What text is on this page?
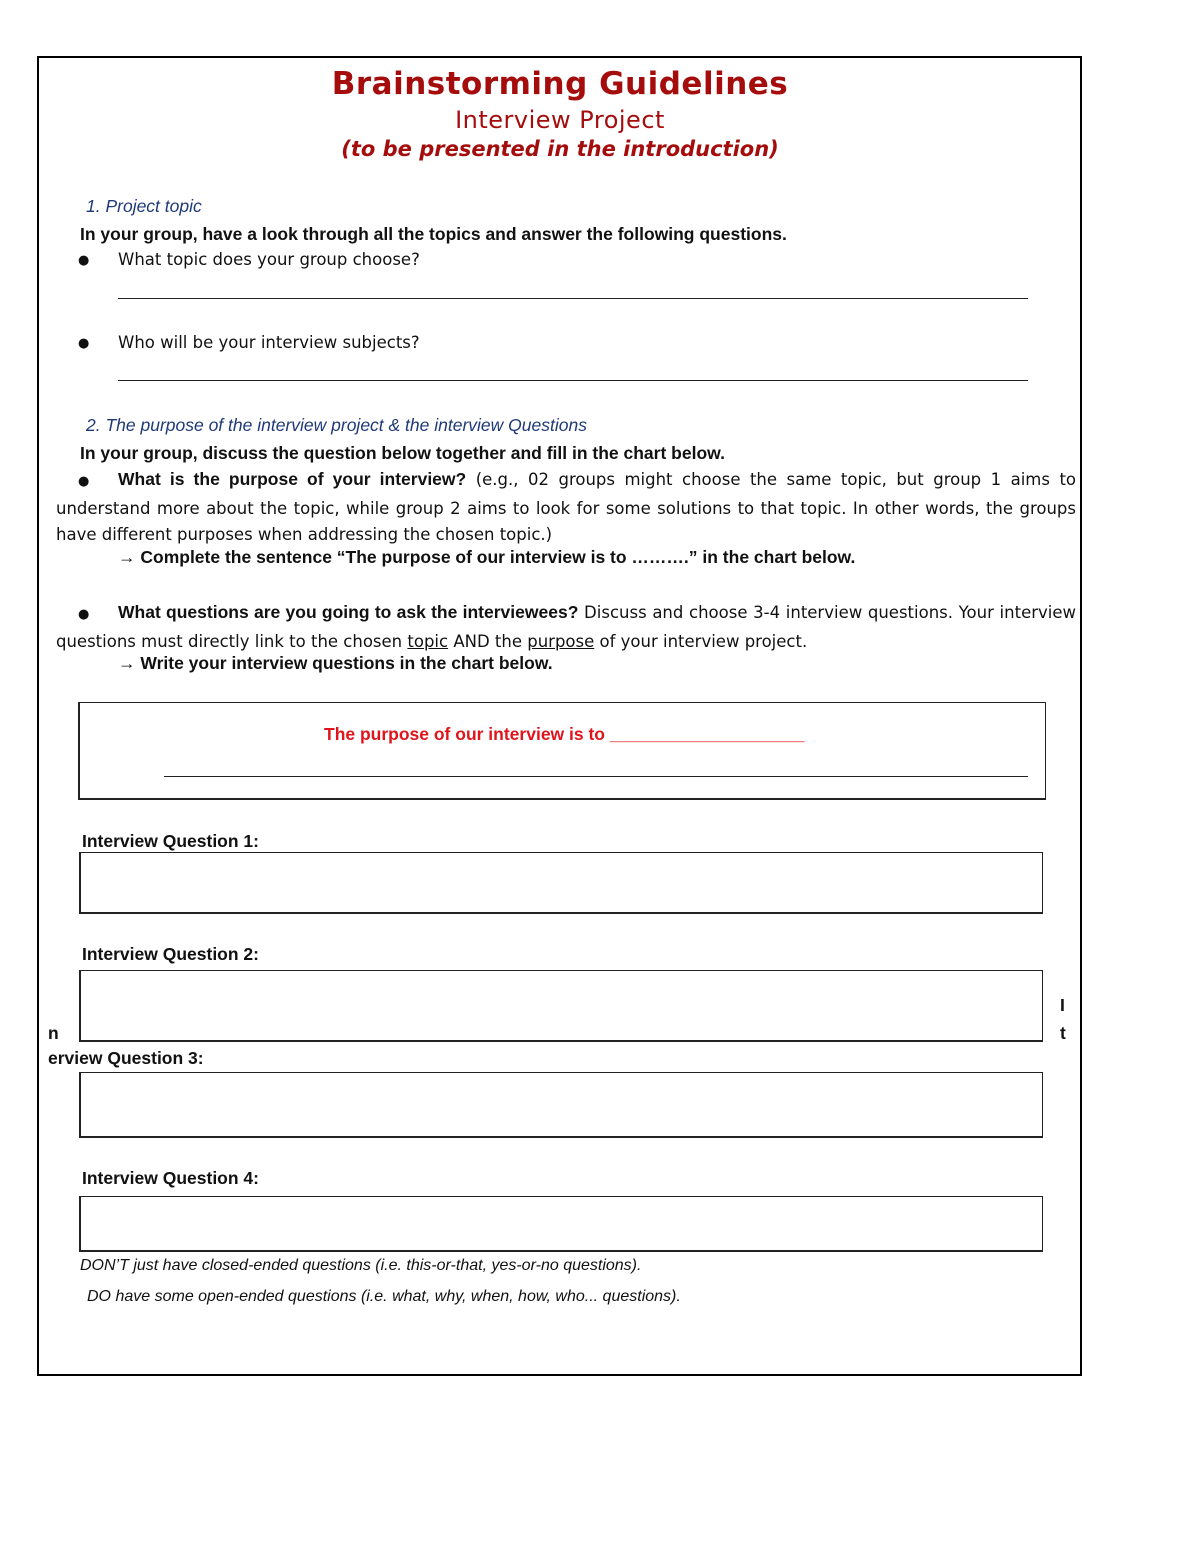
Brainstorming Guidelines
Interview Project
(to be presented in the introduction)
1. Project topic
In your group, have a look through all the topics and answer the following questions.
● What topic does your group choose?
● Who will be your interview subjects?
2. The purpose of the interview project & the interview Questions
In your group, discuss the question below together and fill in the chart below.
● What is the purpose of your interview? (e.g., 02 groups might choose the same topic, but group 1 aims to understand more about the topic, while group 2 aims to look for some solutions to that topic. In other words, the groups have different purposes when addressing the chosen topic.)
→ Complete the sentence “The purpose of our interview is to ……….” in the chart below.
● What questions are you going to ask the interviewees? Discuss and choose 3-4 interview questions. Your interview questions must directly link to the chosen topic AND the purpose of your interview project.
→ Write your interview questions in the chart below.
The purpose of our interview is to ____________________
Interview Question 1:
Interview Question 2:
n
I
t
erview Question 3:
Interview Question 4:
DON’T just have closed-ended questions (i.e. this-or-that, yes-or-no questions).
DO have some open-ended questions (i.e. what, why, when, how, who... questions).
